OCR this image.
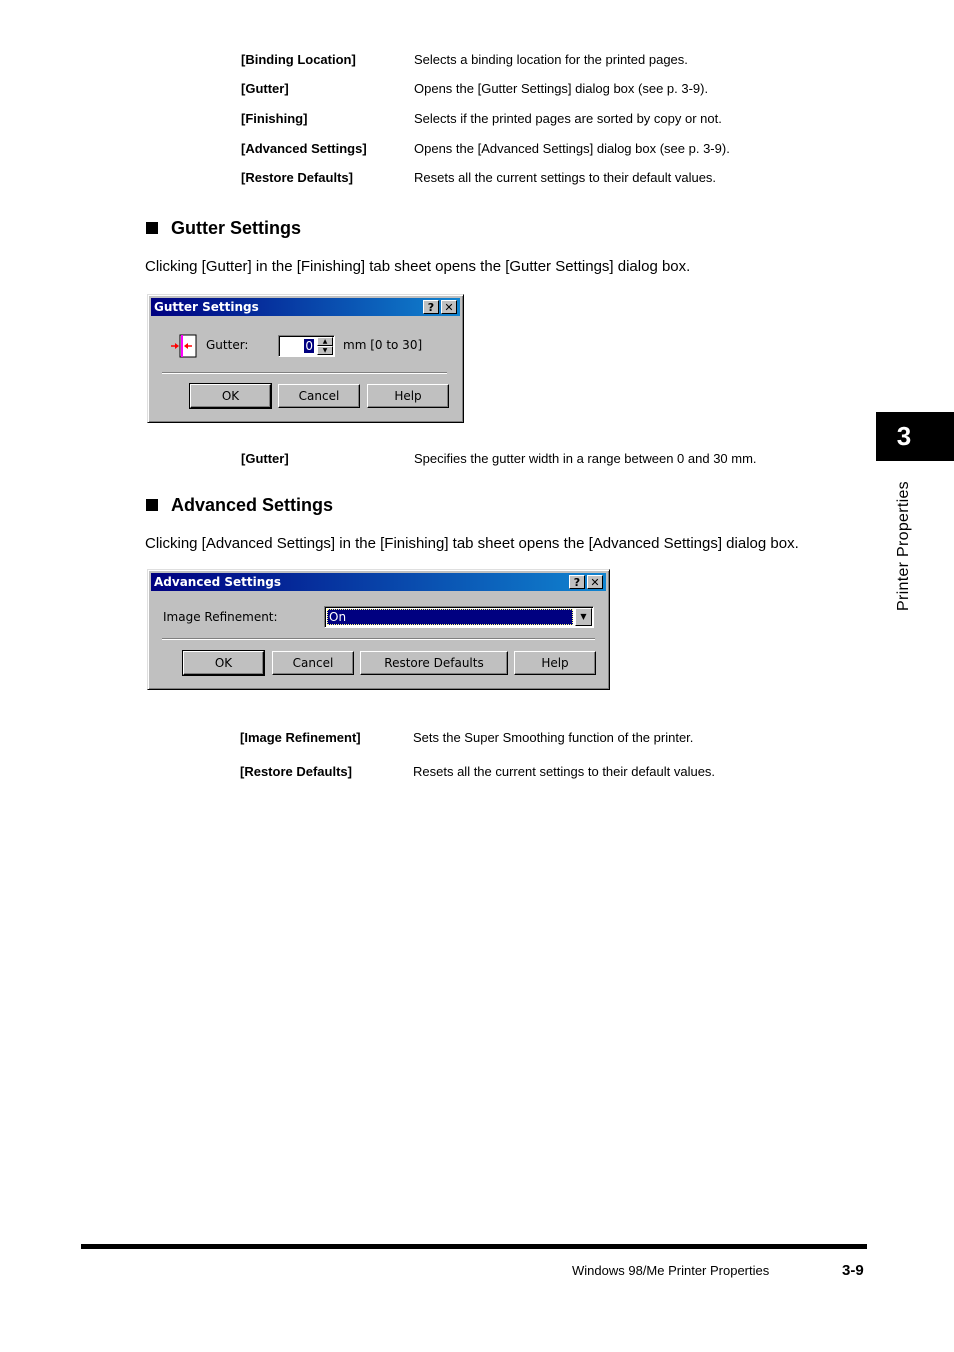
[Binding Location]	Selects a binding location for the printed pages.
[Gutter]	Opens the [Gutter Settings] dialog box (see p. 3-9).
[Finishing]	Selects if the printed pages are sorted by copy or not.
[Advanced Settings]	Opens the [Advanced Settings] dialog box (see p. 3-9).
[Restore Defaults]	Resets all the current settings to their default values.
Gutter Settings
Clicking [Gutter] in the [Finishing] tab sheet opens the [Gutter Settings] dialog box.
Gutter Settings	? ✕
Gutter:	0	▲
▼	mm [0 to 30]
OK	Cancel	Help
[Gutter]	Specifies the gutter width in a range between 0 and 30 mm.
Advanced Settings
Clicking [Advanced Settings] in the [Finishing] tab sheet opens the [Advanced Settings] dialog box.
Advanced Settings	? ✕
Image Refinement:	On	▼
OK	Cancel	Restore Defaults	Help
[Image Refinement]	Sets the Super Smoothing function of the printer.
[Restore Defaults]	Resets all the current settings to their default values.
3
Printer Properties
Windows 98/Me Printer Properties	3-9
